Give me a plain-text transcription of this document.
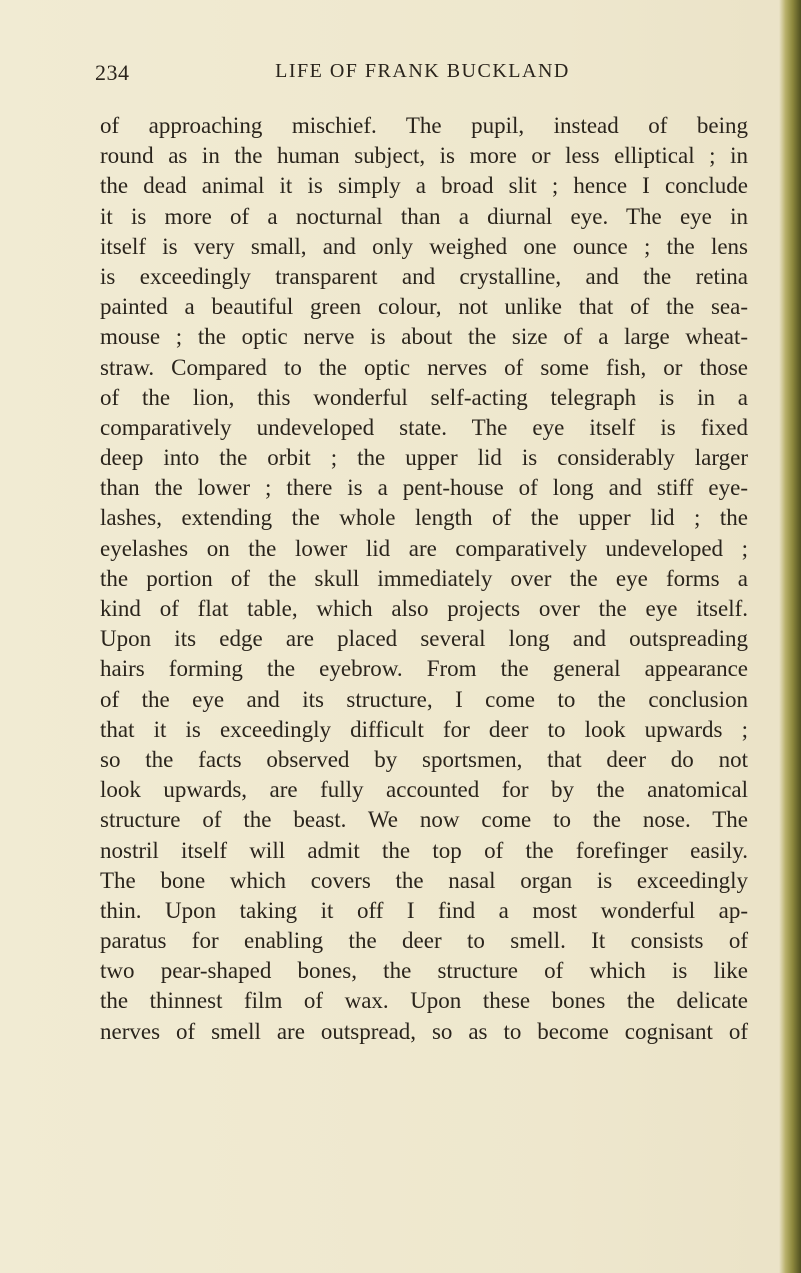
234	LIFE OF FRANK BUCKLAND
of approaching mischief. The pupil, instead of being
round as in the human subject, is more or less elliptical ; in
the dead animal it is simply a broad slit ; hence I conclude
it is more of a nocturnal than a diurnal eye. The eye in
itself is very small, and only weighed one ounce ; the lens
is exceedingly transparent and crystalline, and the retina
painted a beautiful green colour, not unlike that of the sea-
mouse ; the optic nerve is about the size of a large wheat-
straw. Compared to the optic nerves of some fish, or those
of the lion, this wonderful self-acting telegraph is in a
comparatively undeveloped state. The eye itself is fixed
deep into the orbit ; the upper lid is considerably larger
than the lower ; there is a pent-house of long and stiff eye-
lashes, extending the whole length of the upper lid ; the
eyelashes on the lower lid are comparatively undeveloped ;
the portion of the skull immediately over the eye forms a
kind of flat table, which also projects over the eye itself.
Upon its edge are placed several long and outspreading
hairs forming the eyebrow. From the general appearance
of the eye and its structure, I come to the conclusion
that it is exceedingly difficult for deer to look upwards ;
so the facts observed by sportsmen, that deer do not
look upwards, are fully accounted for by the anatomical
structure of the beast. We now come to the nose. The
nostril itself will admit the top of the forefinger easily.
The bone which covers the nasal organ is exceedingly
thin. Upon taking it off I find a most wonderful ap-
paratus for enabling the deer to smell. It consists of
two pear-shaped bones, the structure of which is like
the thinnest film of wax. Upon these bones the delicate
nerves of smell are outspread, so as to become cognisant of
